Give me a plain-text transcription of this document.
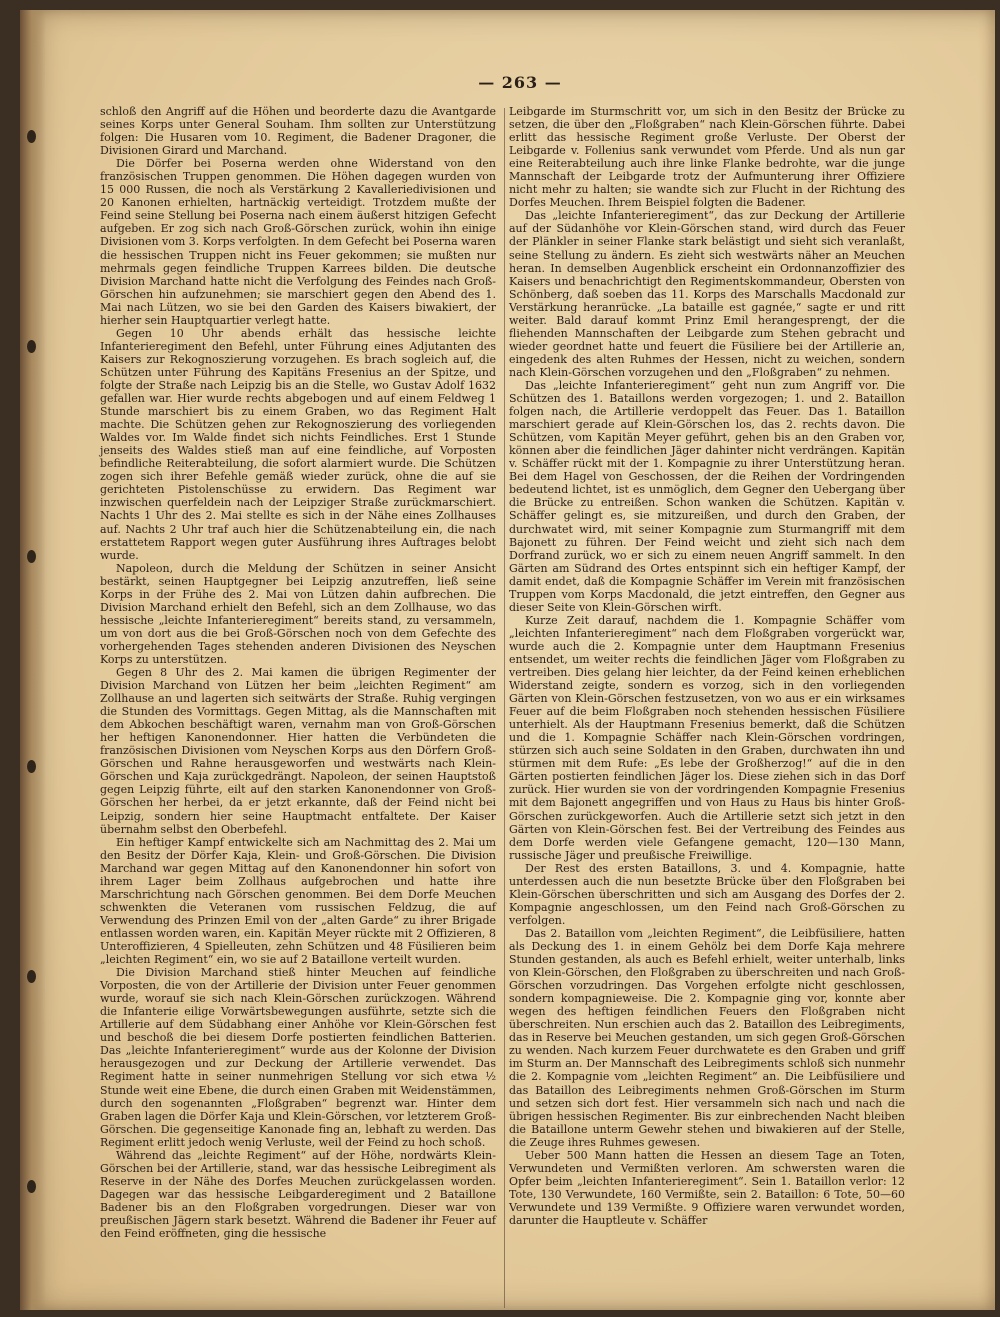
— 263 —

schloß den Angriff auf die Höhen und beorderte dazu die Avantgarde seines Korps unter General Souham. Ihm sollten zur Unterstützung folgen: Die Husaren vom 10. Regiment, die Badener Dragoner, die Divisionen Girard und Marchand.

Die Dörfer bei Poserna werden ohne Widerstand von den französischen Truppen genommen. Die Höhen dagegen wurden von 15 000 Russen, die noch als Verstärkung 2 Kavalleriedivisionen und 20 Kanonen erhielten, hartnäckig verteidigt. Trotzdem mußte der Feind seine Stellung bei Poserna nach einem äußerst hitzigen Gefecht aufgeben. Er zog sich nach Groß-Görschen zurück, wohin ihn einige Divisionen vom 3. Korps verfolgten. In dem Gefecht bei Poserna waren die hessischen Truppen nicht ins Feuer gekommen; sie mußten nur mehrmals gegen feindliche Truppen Karrees bilden. Die deutsche Division Marchand hatte nicht die Verfolgung des Feindes nach Groß-Görschen hin aufzunehmen; sie marschiert gegen den Abend des 1. Mai nach Lützen, wo sie bei den Garden des Kaisers biwakiert, der hierher sein Hauptquartier verlegt hatte.

Gegen 10 Uhr abends erhält das hessische leichte Infanterieregiment den Befehl, unter Führung eines Adjutanten des Kaisers zur Rekognoszierung vorzugehen. Es brach sogleich auf, die Schützen unter Führung des Kapitäns Fresenius an der Spitze, und folgte der Straße nach Leipzig bis an die Stelle, wo Gustav Adolf 1632 gefallen war. Hier wurde rechts abgebogen und auf einem Feldweg 1 Stunde marschiert bis zu einem Graben, wo das Regiment Halt machte. Die Schützen gehen zur Rekognoszierung des vorliegenden Waldes vor. Im Walde findet sich nichts Feindliches. Erst 1 Stunde jenseits des Waldes stieß man auf eine feindliche, auf Vorposten befindliche Reiterabteilung, die sofort alarmiert wurde. Die Schützen zogen sich ihrer Befehle gemäß wieder zurück, ohne die auf sie gerichteten Pistolenschüsse zu erwidern. Das Regiment war inzwischen querfeldein nach der Leipziger Straße zurückmarschiert. Nachts 1 Uhr des 2. Mai stellte es sich in der Nähe eines Zollhauses auf. Nachts 2 Uhr traf auch hier die Schützenabteilung ein, die nach erstattetem Rapport wegen guter Ausführung ihres Auftrages belobt wurde.

Napoleon, durch die Meldung der Schützen in seiner Ansicht bestärkt, seinen Hauptgegner bei Leipzig anzutreffen, ließ seine Korps in der Frühe des 2. Mai von Lützen dahin aufbrechen. Die Division Marchand erhielt den Befehl, sich an dem Zollhause, wo das hessische „leichte Infanterieregiment“ bereits stand, zu versammeln, um von dort aus die bei Groß-Görschen noch von dem Gefechte des vorhergehenden Tages stehenden anderen Divisionen des Neyschen Korps zu unterstützen.

Gegen 8 Uhr des 2. Mai kamen die übrigen Regimenter der Division Marchand von Lützen her beim „leichten Regiment“ am Zollhause an und lagerten sich seitwärts der Straße. Ruhig vergingen die Stunden des Vormittags. Gegen Mittag, als die Mannschaften mit dem Abkochen beschäftigt waren, vernahm man von Groß-Görschen her heftigen Kanonendonner. Hier hatten die Verbündeten die französischen Divisionen vom Neyschen Korps aus den Dörfern Groß-Görschen und Rahne herausgeworfen und westwärts nach Klein-Görschen und Kaja zurückgedrängt. Napoleon, der seinen Hauptstoß gegen Leipzig führte, eilt auf den starken Kanonendonner von Groß-Görschen her herbei, da er jetzt erkannte, daß der Feind nicht bei Leipzig, sondern hier seine Hauptmacht entfaltete. Der Kaiser übernahm selbst den Oberbefehl.

Ein heftiger Kampf entwickelte sich am Nachmittag des 2. Mai um den Besitz der Dörfer Kaja, Klein- und Groß-Görschen. Die Division Marchand war gegen Mittag auf den Kanonendonner hin sofort von ihrem Lager beim Zollhaus aufgebrochen und hatte ihre Marschrichtung nach Görschen genommen. Bei dem Dorfe Meuchen schwenkten die Veteranen vom russischen Feldzug, die auf Verwendung des Prinzen Emil von der „alten Garde“ zu ihrer Brigade entlassen worden waren, ein. Kapitän Meyer rückte mit 2 Offizieren, 8 Unteroffizieren, 4 Spielleuten, zehn Schützen und 48 Füsilieren beim „leichten Regiment“ ein, wo sie auf 2 Bataillone verteilt wurden.

Die Division Marchand stieß hinter Meuchen auf feindliche Vorposten, die von der Artillerie der Division unter Feuer genommen wurde, worauf sie sich nach Klein-Görschen zurückzogen. Während die Infanterie eilige Vorwärtsbewegungen ausführte, setzte sich die Artillerie auf dem Südabhang einer Anhöhe vor Klein-Görschen fest und beschoß die bei diesem Dorfe postierten feindlichen Batterien. Das „leichte Infanterieregiment“ wurde aus der Kolonne der Division herausgezogen und zur Deckung der Artillerie verwendet. Das Regiment hatte in seiner nunmehrigen Stellung vor sich etwa ½ Stunde weit eine Ebene, die durch einen Graben mit Weidenstämmen, durch den sogenannten „Floßgraben“ begrenzt war. Hinter dem Graben lagen die Dörfer Kaja und Klein-Görschen, vor letzterem Groß-Görschen. Die gegenseitige Kanonade fing an, lebhaft zu werden. Das Regiment erlitt jedoch wenig Verluste, weil der Feind zu hoch schoß.

Während das „leichte Regiment“ auf der Höhe, nordwärts Klein-Görschen bei der Artillerie, stand, war das hessische Leibregiment als Reserve in der Nähe des Dorfes Meuchen zurückgelassen worden. Dagegen war das hessische Leibgarderegiment und 2 Bataillone Badener bis an den Floßgraben vorgedrungen. Dieser war von preußischen Jägern stark besetzt. Während die Badener ihr Feuer auf den Feind eröffneten, ging die hessische

Leibgarde im Sturmschritt vor, um sich in den Besitz der Brücke zu setzen, die über den „Floßgraben“ nach Klein-Görschen führte. Dabei erlitt das hessische Regiment große Verluste. Der Oberst der Leibgarde v. Follenius sank verwundet vom Pferde. Und als nun gar eine Reiterabteilung auch ihre linke Flanke bedrohte, war die junge Mannschaft der Leibgarde trotz der Aufmunterung ihrer Offiziere nicht mehr zu halten; sie wandte sich zur Flucht in der Richtung des Dorfes Meuchen. Ihrem Beispiel folgten die Badener.

Das „leichte Infanterieregiment“, das zur Deckung der Artillerie auf der Südanhöhe vor Klein-Görschen stand, wird durch das Feuer der Plänkler in seiner Flanke stark belästigt und sieht sich veranlaßt, seine Stellung zu ändern. Es zieht sich westwärts näher an Meuchen heran. In demselben Augenblick erscheint ein Ordonnanzoffizier des Kaisers und benachrichtigt den Regimentskommandeur, Obersten von Schönberg, daß soeben das 11. Korps des Marschalls Macdonald zur Verstärkung heranrücke. „La bataille est gagnée,“ sagte er und ritt weiter. Bald darauf kommt Prinz Emil herangesprengt, der die fliehenden Mannschaften der Leibgarde zum Stehen gebracht und wieder geordnet hatte und feuert die Füsiliere bei der Artillerie an, eingedenk des alten Ruhmes der Hessen, nicht zu weichen, sondern nach Klein-Görschen vorzugehen und den „Floßgraben“ zu nehmen.

Das „leichte Infanterieregiment“ geht nun zum Angriff vor. Die Schützen des 1. Bataillons werden vorgezogen; 1. und 2. Bataillon folgen nach, die Artillerie verdoppelt das Feuer. Das 1. Bataillon marschiert gerade auf Klein-Görschen los, das 2. rechts davon. Die Schützen, vom Kapitän Meyer geführt, gehen bis an den Graben vor, können aber die feindlichen Jäger dahinter nicht verdrängen. Kapitän v. Schäffer rückt mit der 1. Kompagnie zu ihrer Unterstützung heran. Bei dem Hagel von Geschossen, der die Reihen der Vordringenden bedeutend lichtet, ist es unmöglich, dem Gegner den Uebergang über die Brücke zu entreißen. Schon wanken die Schützen. Kapitän v. Schäffer gelingt es, sie mitzureißen, und durch den Graben, der durchwatet wird, mit seiner Kompagnie zum Sturmangriff mit dem Bajonett zu führen. Der Feind weicht und zieht sich nach dem Dorfrand zurück, wo er sich zu einem neuen Angriff sammelt. In den Gärten am Südrand des Ortes entspinnt sich ein heftiger Kampf, der damit endet, daß die Kompagnie Schäffer im Verein mit französischen Truppen vom Korps Macdonald, die jetzt eintreffen, den Gegner aus dieser Seite von Klein-Görschen wirft.

Kurze Zeit darauf, nachdem die 1. Kompagnie Schäffer vom „leichten Infanterieregiment“ nach dem Floßgraben vorgerückt war, wurde auch die 2. Kompagnie unter dem Hauptmann Fresenius entsendet, um weiter rechts die feindlichen Jäger vom Floßgraben zu vertreiben. Dies gelang hier leichter, da der Feind keinen erheblichen Widerstand zeigte, sondern es vorzog, sich in den vorliegenden Gärten von Klein-Görschen festzusetzen, von wo aus er ein wirksames Feuer auf die beim Floßgraben noch stehenden hessischen Füsiliere unterhielt. Als der Hauptmann Fresenius bemerkt, daß die Schützen und die 1. Kompagnie Schäffer nach Klein-Görschen vordringen, stürzen sich auch seine Soldaten in den Graben, durchwaten ihn und stürmen mit dem Rufe: „Es lebe der Großherzog!“ auf die in den Gärten postierten feindlichen Jäger los. Diese ziehen sich in das Dorf zurück. Hier wurden sie von der vordringenden Kompagnie Fresenius mit dem Bajonett angegriffen und von Haus zu Haus bis hinter Groß-Görschen zurückgeworfen. Auch die Artillerie setzt sich jetzt in den Gärten von Klein-Görschen fest. Bei der Vertreibung des Feindes aus dem Dorfe werden viele Gefangene gemacht, 120—130 Mann, russische Jäger und preußische Freiwillige.

Der Rest des ersten Bataillons, 3. und 4. Kompagnie, hatte unterdessen auch die nun besetzte Brücke über den Floßgraben bei Klein-Görschen überschritten und sich am Ausgang des Dorfes der 2. Kompagnie angeschlossen, um den Feind nach Groß-Görschen zu verfolgen.

Das 2. Bataillon vom „leichten Regiment“, die Leibfüsiliere, hatten als Deckung des 1. in einem Gehölz bei dem Dorfe Kaja mehrere Stunden gestanden, als auch es Befehl erhielt, weiter unterhalb, links von Klein-Görschen, den Floßgraben zu überschreiten und nach Groß-Görschen vorzudringen. Das Vorgehen erfolgte nicht geschlossen, sondern kompagnieweise. Die 2. Kompagnie ging vor, konnte aber wegen des heftigen feindlichen Feuers den Floßgraben nicht überschreiten. Nun erschien auch das 2. Bataillon des Leibregiments, das in Reserve bei Meuchen gestanden, um sich gegen Groß-Görschen zu wenden. Nach kurzem Feuer durchwatete es den Graben und griff im Sturm an. Der Mannschaft des Leibregiments schloß sich nunmehr die 2. Kompagnie vom „leichten Regiment“ an. Die Leibfüsiliere und das Bataillon des Leibregiments nehmen Groß-Görschen im Sturm und setzen sich dort fest. Hier versammeln sich nach und nach die übrigen hessischen Regimenter. Bis zur einbrechenden Nacht bleiben die Bataillone unterm Gewehr stehen und biwakieren auf der Stelle, die Zeuge ihres Ruhmes gewesen.

Ueber 500 Mann hatten die Hessen an diesem Tage an Toten, Verwundeten und Vermißten verloren. Am schwersten waren die Opfer beim „leichten Infanterieregiment“. Sein 1. Bataillon verlor: 12 Tote, 130 Verwundete, 160 Vermißte, sein 2. Bataillon: 6 Tote, 50—60 Verwundete und 139 Vermißte. 9 Offiziere waren verwundet worden, darunter die Hauptleute v. Schäffer
